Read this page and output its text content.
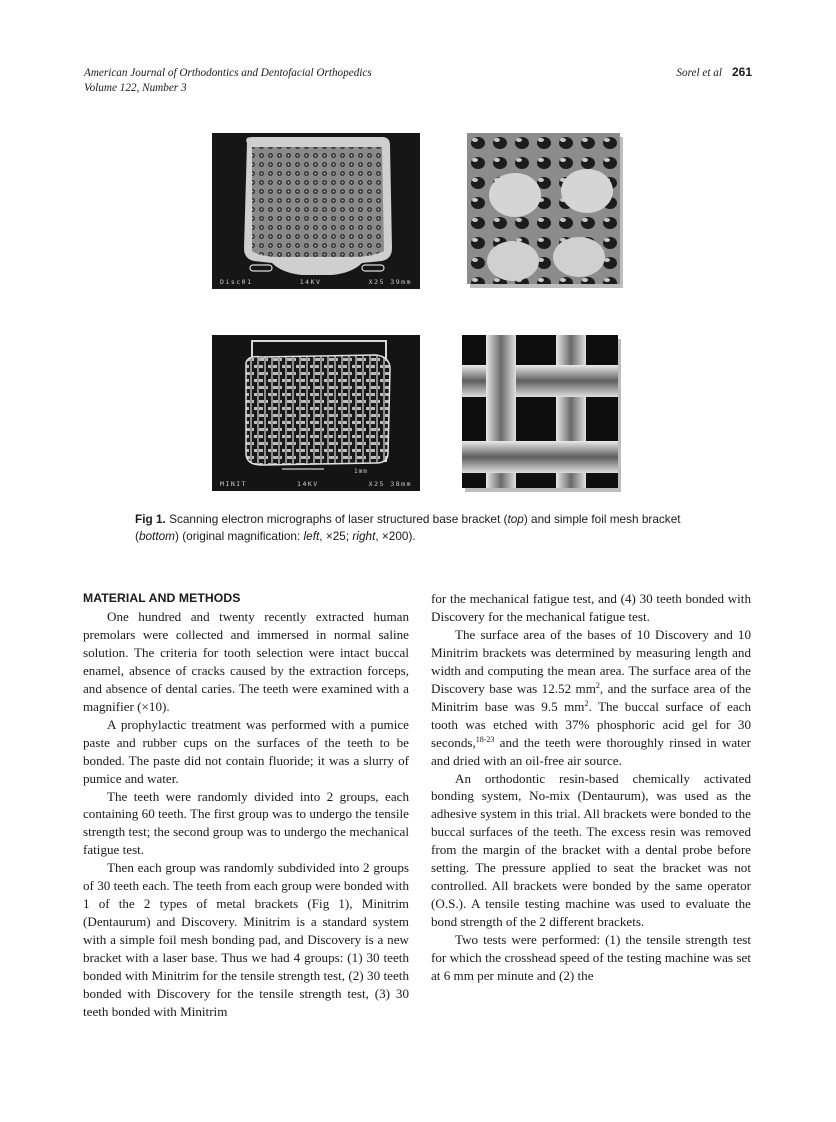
American Journal of Orthodontics and Dentofacial Orthopedics
Volume 122, Number 3
Sorel et al 261
Disc01	14KV	X25 39mm
MINIT	14KV	X25 38mm
1mm
Fig 1. Scanning electron micrographs of laser structured base bracket (top) and simple foil mesh bracket (bottom) (original magnification: left, ×25; right, ×200).
MATERIAL AND METHODS

One hundred and twenty recently extracted human premolars were collected and immersed in normal saline solution. The criteria for tooth selection were intact buccal enamel, absence of cracks caused by the extraction forceps, and absence of dental caries. The teeth were examined with a magnifier (×10).

A prophylactic treatment was performed with a pumice paste and rubber cups on the surfaces of the teeth to be bonded. The paste did not contain fluoride; it was a slurry of pumice and water.

The teeth were randomly divided into 2 groups, each containing 60 teeth. The first group was to undergo the tensile strength test; the second group was to undergo the mechanical fatigue test.

Then each group was randomly subdivided into 2 groups of 30 teeth each. The teeth from each group were bonded with 1 of the 2 types of metal brackets (Fig 1), Minitrim (Dentaurum) and Discovery. Minitrim is a standard system with a simple foil mesh bonding pad, and Discovery is a new bracket with a laser base. Thus we had 4 groups: (1) 30 teeth bonded with Minitrim for the tensile strength test, (2) 30 teeth bonded with Discovery for the tensile strength test, (3) 30 teeth bonded with Minitrim

for the mechanical fatigue test, and (4) 30 teeth bonded with Discovery for the mechanical fatigue test.

The surface area of the bases of 10 Discovery and 10 Minitrim brackets was determined by measuring length and width and computing the mean area. The surface area of the Discovery base was 12.52 $mm^2$, and the surface area of the Minitrim base was 9.5 $mm^2$. The buccal surface of each tooth was etched with 37% phosphoric acid gel for 30 seconds,$^{18-23}$ and the teeth were thoroughly rinsed in water and dried with an oil-free air source.

An orthodontic resin-based chemically activated bonding system, No-mix (Dentaurum), was used as the adhesive system in this trial. All brackets were bonded to the buccal surfaces of the teeth. The excess resin was removed from the margin of the bracket with a dental probe before setting. The pressure applied to seat the bracket was not controlled. All brackets were bonded by the same operator (O.S.). A tensile testing machine was used to evaluate the bond strength of the 2 different brackets.

Two tests were performed: (1) the tensile strength test for which the crosshead speed of the testing machine was set at 6 mm per minute and (2) the
